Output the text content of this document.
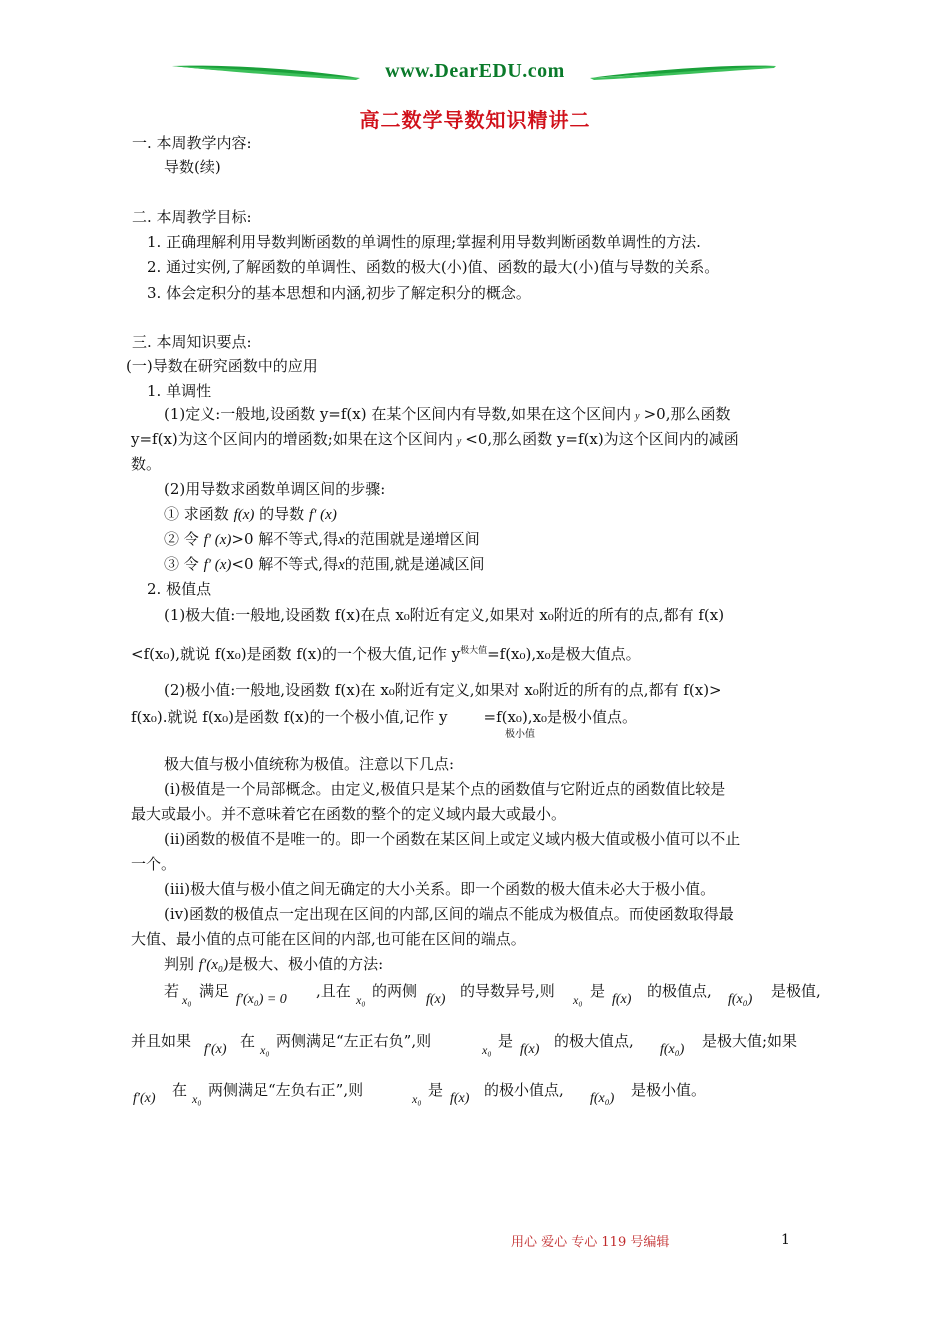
www.DearEDU.com
高二数学导数知识精讲二
一. 本周教学内容:
导数(续)
二. 本周教学目标:
1. 正确理解利用导数判断函数的单调性的原理;掌握利用导数判断函数单调性的方法.
2. 通过实例,了解函数的单调性、函数的极大(小)值、函数的最大(小)值与导数的关系。
3. 体会定积分的基本思想和内涵,初步了解定积分的概念。
三. 本周知识要点:
(一)导数在研究函数中的应用
1. 单调性
(1)定义:一般地,设函数 y=f(x) 在某个区间内有导数,如果在这个区间内 y >0,那么函数
y=f(x)为这个区间内的增函数;如果在这个区间内 y <0,那么函数 y=f(x)为这个区间内的减函
数。
(2)用导数求函数单调区间的步骤:
① 求函数 f(x) 的导数 f′ (x)
② 令 f′ (x)>0 解不等式,得x的范围就是递增区间
③ 令 f′ (x)<0 解不等式,得x的范围,就是递减区间
2. 极值点
(1)极大值:一般地,设函数 f(x)在点 x₀附近有定义,如果对 x₀附近的所有的点,都有 f(x)
<f(x₀),就说 f(x₀)是函数 f(x)的一个极大值,记作 $y^{极大值}=f(x_0),x_0$是极大值点。
(2)极小值:一般地,设函数 f(x)在 x₀附近有定义,如果对 x₀附近的所有的点,都有 f(x)>
f(x₀).就说 f(x₀)是函数 f(x)的一个极小值,记作 y =f(x₀),x₀是极小值点。
极小值
极大值与极小值统称为极值。注意以下几点:
(ⅰ)极值是一个局部概念。由定义,极值只是某个点的函数值与它附近点的函数值比较是
最大或最小。并不意味着它在函数的整个的定义域内最大或最小。
(ⅱ)函数的极值不是唯一的。即一个函数在某区间上或定义域内极大值或极小值可以不止
一个。
(ⅲ)极大值与极小值之间无确定的大小关系。即一个函数的极大值未必大于极小值。
(ⅳ)函数的极值点一定出现在区间的内部,区间的端点不能成为极值点。而使函数取得最
大值、最小值的点可能在区间的内部,也可能在区间的端点。
判别 f′(x₀)是极大、极小值的方法:
若 x₀ 满足 f′(x₀) = 0 ,且在 x₀ 的两侧 f(x) 的导数异号,则 x₀ 是 f(x) 的极值点, f(x₀) 是极值,
并且如果 f′(x) 在 x₀ 两侧满足“左正右负”,则	x₀ 是 f(x) 的极大值点, f(x₀) 是极大值;如果
f′(x) 在 x₀ 两侧满足“左负右正”,则	x₀ 是 f(x) 的极小值点, f(x₀) 是极小值。
用心 爱心 专心 119 号编辑	1
